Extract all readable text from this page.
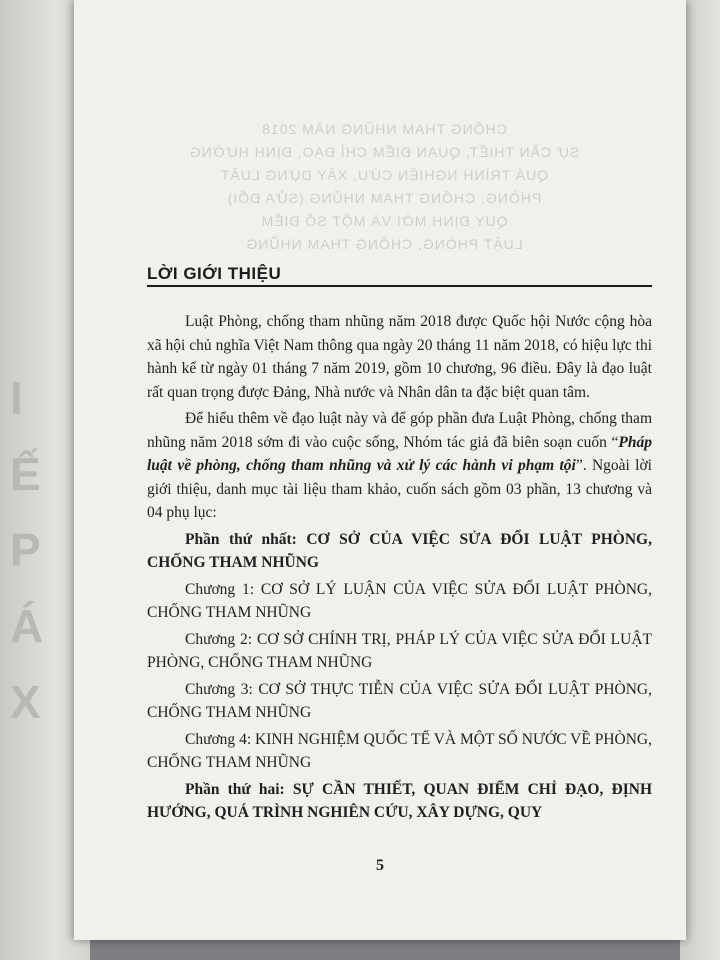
I
Ế P
Á X
CHỐNG THAM NHŨNG NĂM 2018
SỰ CẦN THIẾT, QUAN ĐIỂM CHỈ ĐẠO, ĐỊNH HƯỚNG
QUÁ TRÌNH NGHIÊN CỨU, XÂY DỰNG LUẬT
PHÒNG, CHỐNG THAM NHŨNG (SỬA ĐỔI)
QUY ĐỊNH MỚI VÀ MỘT SỐ ĐIỂM
LUẬT PHÒNG, CHỐNG THAM NHŨNG
LỜI GIỚI THIỆU

Luật Phòng, chống tham nhũng năm 2018 được Quốc hội Nước cộng hòa xã hội chủ nghĩa Việt Nam thông qua ngày 20 tháng 11 năm 2018, có hiệu lực thi hành kể từ ngày 01 tháng 7 năm 2019, gồm 10 chương, 96 điều. Đây là đạo luật rất quan trọng được Đảng, Nhà nước và Nhân dân ta đặc biệt quan tâm.

Để hiểu thêm về đạo luật này và để góp phần đưa Luật Phòng, chống tham nhũng năm 2018 sớm đi vào cuộc sống, Nhóm tác giả đã biên soạn cuốn “Pháp luật về phòng, chống tham nhũng và xử lý các hành vi phạm tội”. Ngoài lời giới thiệu, danh mục tài liệu tham khảo, cuốn sách gồm 03 phần, 13 chương và 04 phụ lục:

Phần thứ nhất: CƠ SỞ CỦA VIỆC SỬA ĐỔI LUẬT PHÒNG, CHỐNG THAM NHŨNG

Chương 1: CƠ SỞ LÝ LUẬN CỦA VIỆC SỬA ĐỔI LUẬT PHÒNG, CHỐNG THAM NHŨNG

Chương 2: CƠ SỞ CHÍNH TRỊ, PHÁP LÝ CỦA VIỆC SỬA ĐỔI LUẬT PHÒNG, CHỐNG THAM NHŨNG

Chương 3: CƠ SỞ THỰC TIỄN CỦA VIỆC SỬA ĐỔI LUẬT PHÒNG, CHỐNG THAM NHŨNG

Chương 4: KINH NGHIỆM QUỐC TẾ VÀ MỘT SỐ NƯỚC VỀ PHÒNG, CHỐNG THAM NHŨNG

Phần thứ hai: SỰ CẦN THIẾT, QUAN ĐIỂM CHỈ ĐẠO, ĐỊNH HƯỚNG, QUÁ TRÌNH NGHIÊN CỨU, XÂY DỰNG, QUY

5
